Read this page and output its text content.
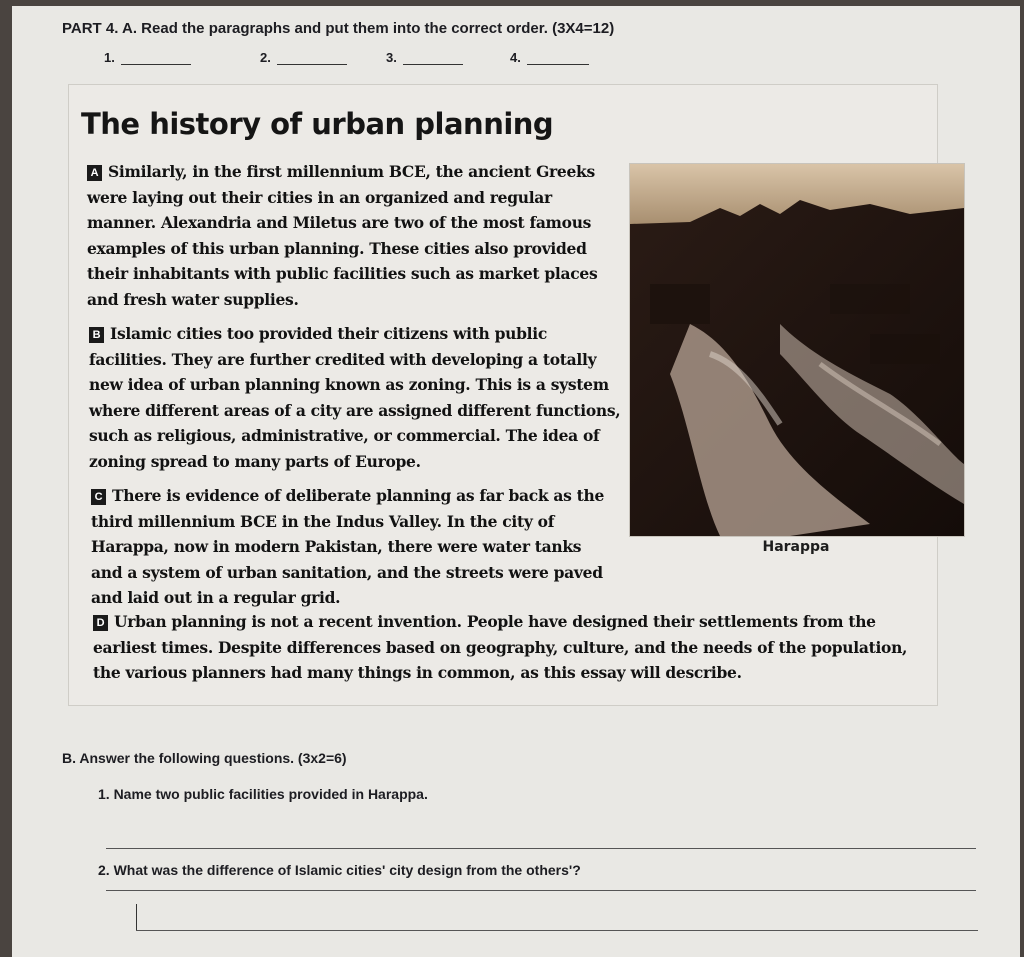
PART 4. A. Read the paragraphs and put them into the correct order. (3X4=12)
1.	2.	3.	4.
The history of urban planning
A Similarly, in the first millennium BCE, the ancient Greeks were laying out their cities in an organized and regular manner. Alexandria and Miletus are two of the most famous examples of this urban planning. These cities also provided their inhabitants with public facilities such as market places and fresh water supplies.
B Islamic cities too provided their citizens with public facilities. They are further credited with developing a totally new idea of urban planning known as zoning. This is a system where different areas of a city are assigned different functions, such as religious, administrative, or commercial. The idea of zoning spread to many parts of Europe.
C There is evidence of deliberate planning as far back as the third millennium BCE in the Indus Valley. In the city of Harappa, now in modern Pakistan, there were water tanks and a system of urban sanitation, and the streets were paved and laid out in a regular grid.
D Urban planning is not a recent invention. People have designed their settlements from the earliest times. Despite differences based on geography, culture, and the needs of the population, the various planners had many things in common, as this essay will describe.
Harappa
B. Answer the following questions. (3x2=6)
1. Name two public facilities provided in Harappa.
2. What was the difference of Islamic cities' city design from the others'?
